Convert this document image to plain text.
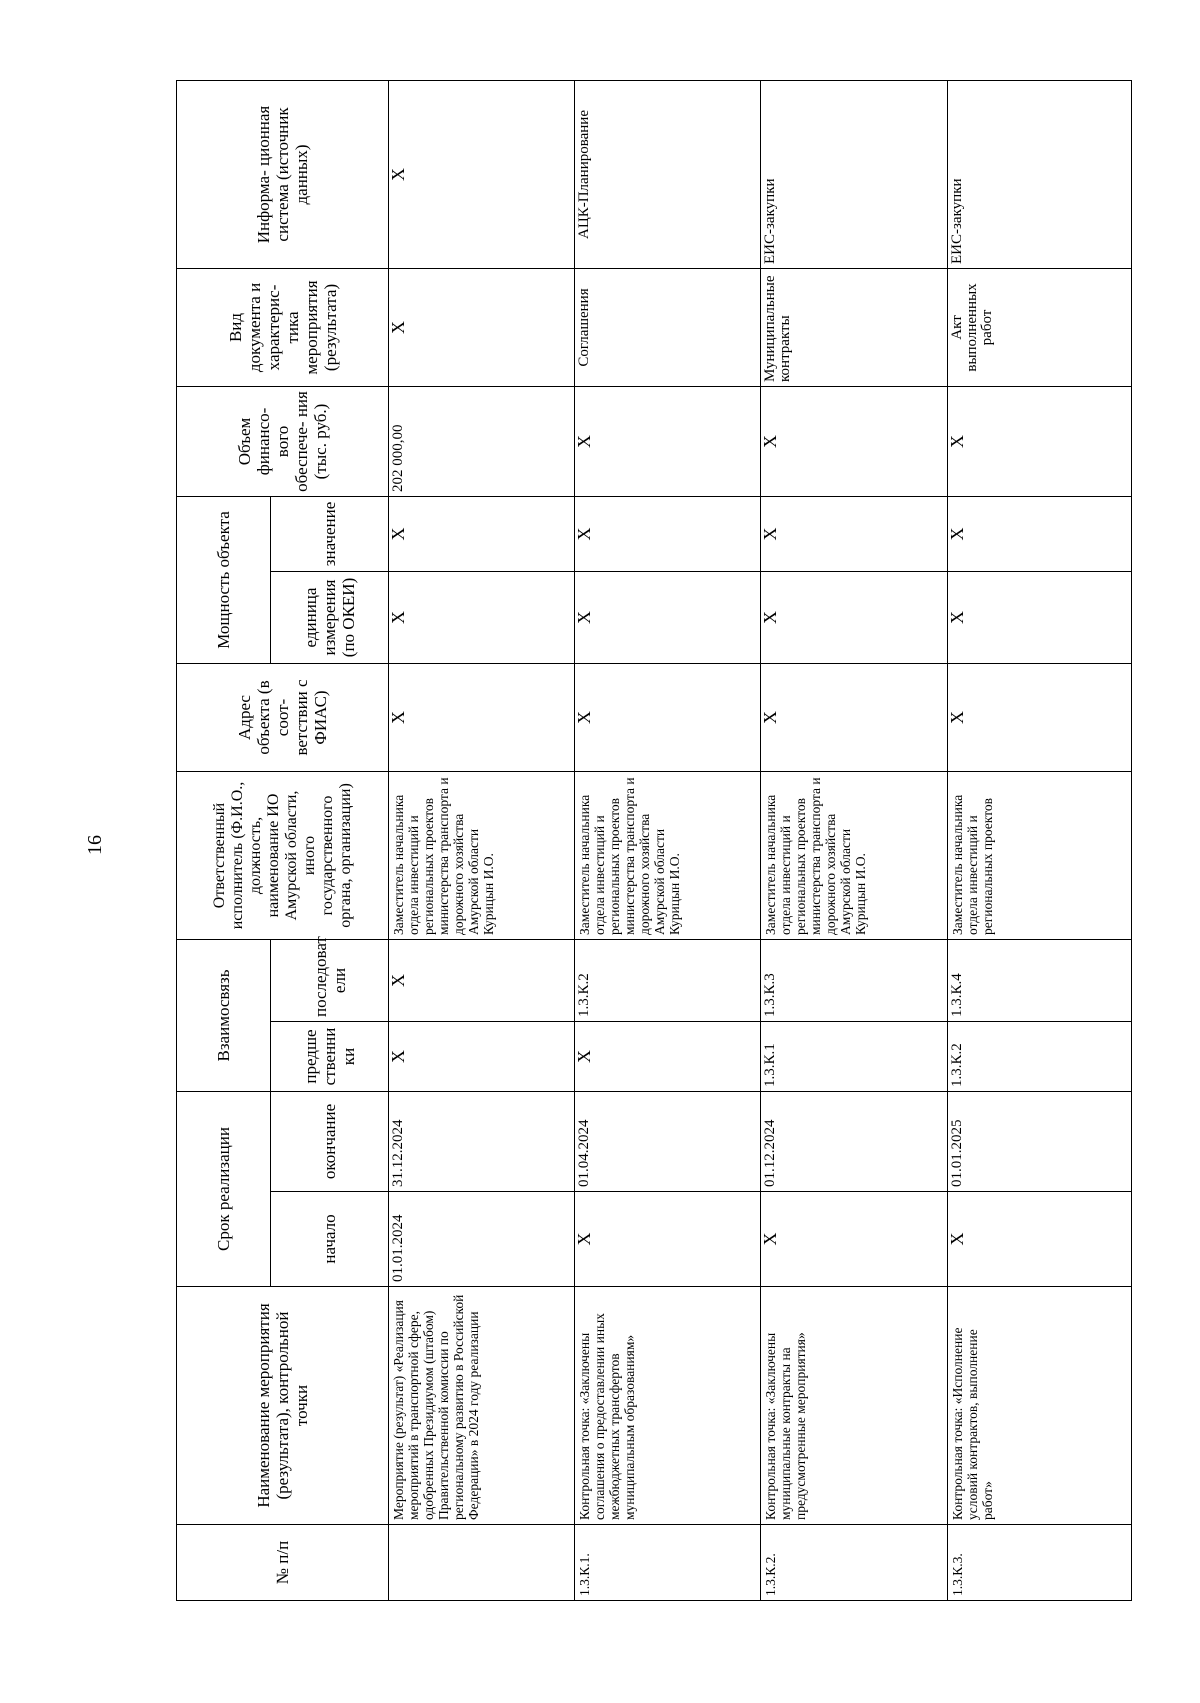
16
№ п/п	Наименование мероприятия (результата), контрольной точки	Срок реализации		Взаимосвязь		Ответственный исполнитель (Ф.И.О., должность, наименование ИО Амурской области, иного государственного органа, организации)	Адрес объекта (в соот- ветствии с ФИАС)	Мощность объекта		Объем финансо- вого обеспече- ния (тыс. руб.)	Вид документа и характерис- тика мероприятия (результата)	Информа- ционная система (источник данных)
		начало	окончание	предше ственни ки	последоват ели			единица измерения (по ОКЕИ)	значение			
	Мероприятие (результат) «Реализация мероприятий в транспортной сфере, одобренных Президиумом (штабом) Правительственной комиссии по региональному развитию в Российской Федерации» в 2024 году реализации	01.01.2024	31.12.2024	X	X	Заместитель начальника отдела инвестиций и региональных проектов министерства транспорта и дорожного хозяйства Амурской области Курицын И.О.	X	X	X	202 000,00	X	X
1.3.К.1.	Контрольная точка: «Заключены соглашения о предоставлении иных межбюджетных трансфертов муниципальным образованиям»	X	01.04.2024	X	1.3.К.2	Заместитель начальника отдела инвестиций и региональных проектов министерства транспорта и дорожного хозяйства Амурской области Курицын И.О.	X	X	X	X	Соглашения	АЦК-Планирование
1.3.К.2.	Контрольная точка: «Заключены муниципальные контракты на предусмотренные мероприятия»	X	01.12.2024	1.3.К.1	1.3.К.3	Заместитель начальника отдела инвестиций и региональных проектов министерства транспорта и дорожного хозяйства Амурской области Курицын И.О.	X	X	X	X	Муниципальные контракты	ЕИС-закупки
1.3.К.3.	Контрольная точка: «Исполнение условий контрактов, выполнение работ»	X	01.01.2025	1.3.К.2	1.3.К.4	Заместитель начальника отдела инвестиций и региональных проектов	X	X	X	X	Акт выполненных работ	ЕИС-закупки
